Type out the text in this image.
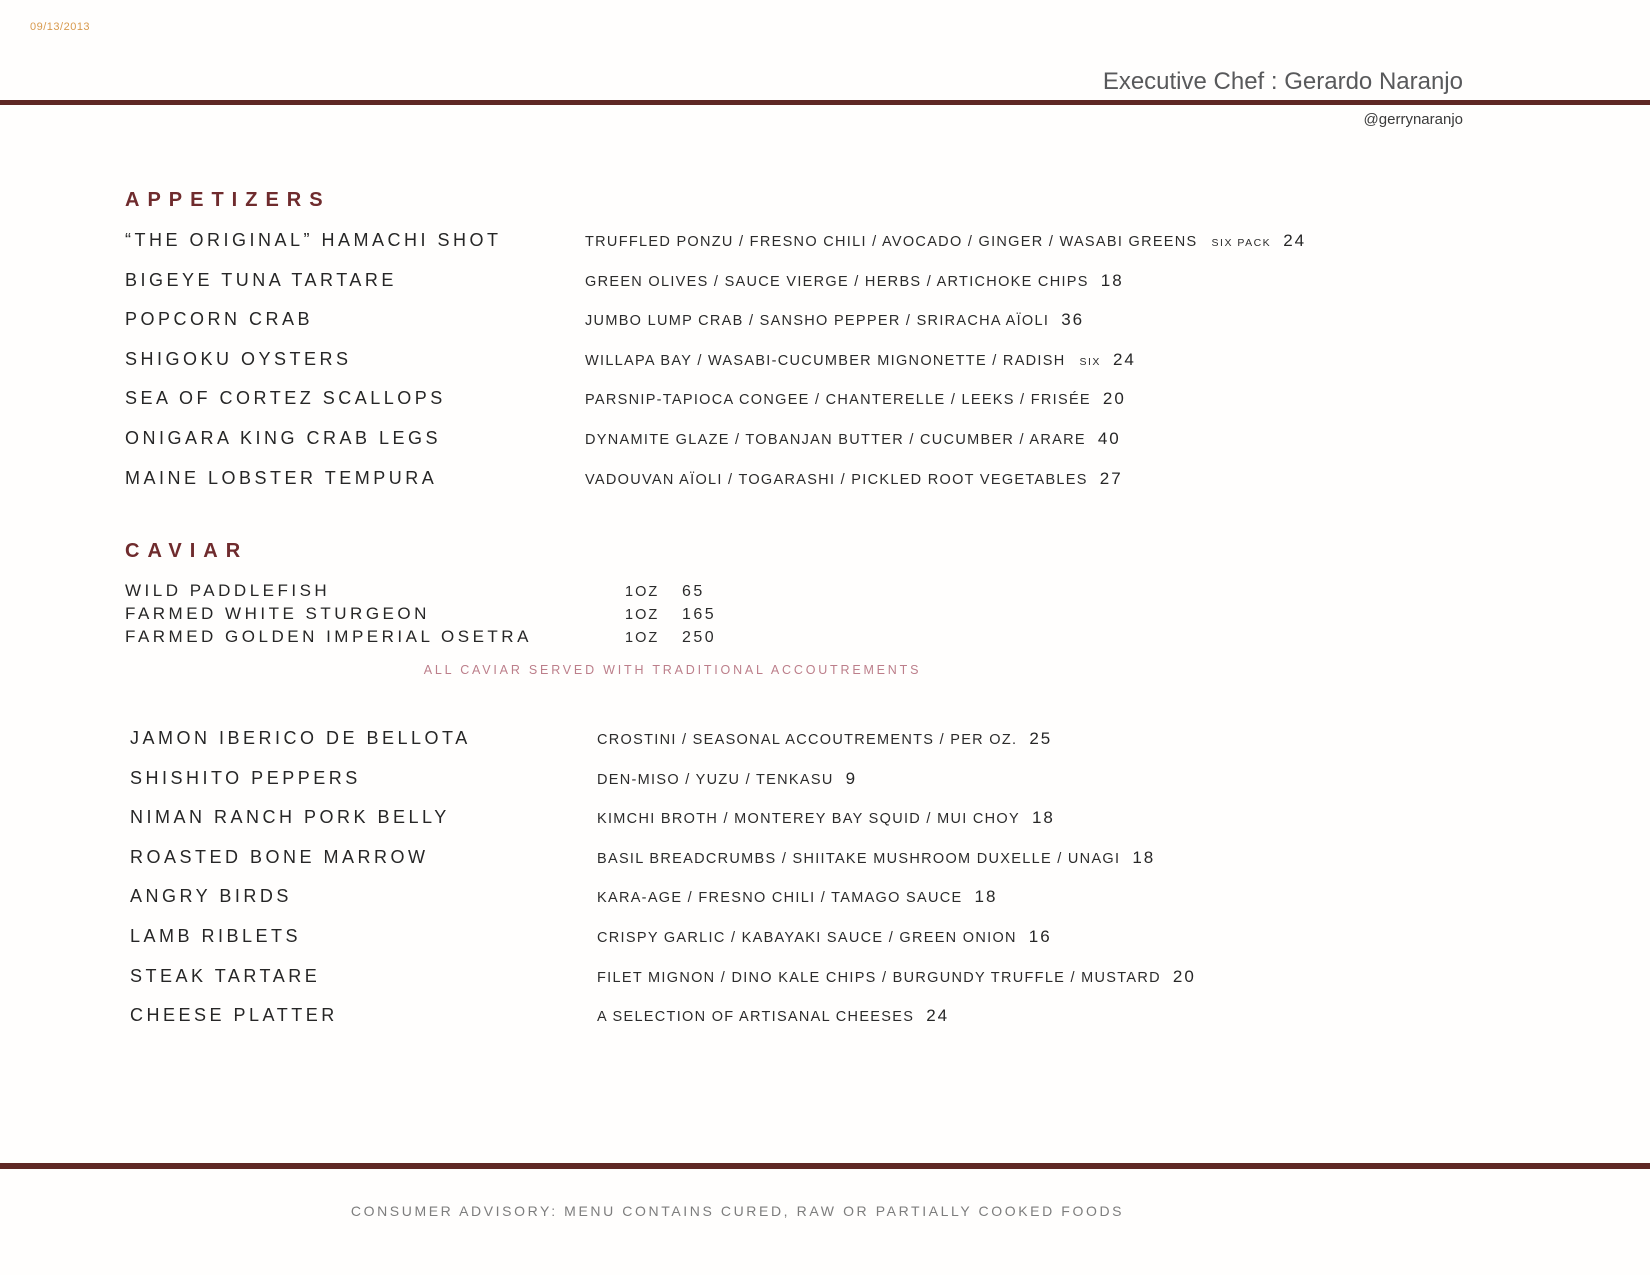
09/13/2013
Executive Chef : Gerardo Naranjo
@gerrynaranjo
APPETIZERS
“THE ORIGINAL” HAMACHI SHOT	TRUFFLED PONZU / FRESNO CHILI / AVOCADO / GINGER / WASABI GREENS SIX PACK 24
BIGEYE TUNA TARTARE	GREEN OLIVES / SAUCE VIERGE / HERBS / ARTICHOKE CHIPS 18
POPCORN CRAB	JUMBO LUMP CRAB / SANSHO PEPPER / SRIRACHA AÏOLI 36
SHIGOKU OYSTERS	WILLAPA BAY / WASABI-CUCUMBER MIGNONETTE / RADISH SIX 24
SEA OF CORTEZ SCALLOPS	PARSNIP-TAPIOCA CONGEE / CHANTERELLE / LEEKS / FRISÉE 20
ONIGARA KING CRAB LEGS	DYNAMITE GLAZE / TOBANJAN BUTTER / CUCUMBER / ARARE 40
MAINE LOBSTER TEMPURA	VADOUVAN AÏOLI / TOGARASHI / PICKLED ROOT VEGETABLES 27
CAVIAR
WILD PADDLEFISH	1OZ	65
FARMED WHITE STURGEON	1OZ	165
FARMED GOLDEN IMPERIAL OSETRA	1OZ	250
ALL CAVIAR SERVED WITH TRADITIONAL ACCOUTREMENTS
JAMON IBERICO DE BELLOTA	CROSTINI / SEASONAL ACCOUTREMENTS / PER OZ. 25
SHISHITO PEPPERS	DEN-MISO / YUZU / TENKASU 9
NIMAN RANCH PORK BELLY	KIMCHI BROTH / MONTEREY BAY SQUID / MUI CHOY 18
ROASTED BONE MARROW	BASIL BREADCRUMBS / SHIITAKE MUSHROOM DUXELLE / UNAGI 18
ANGRY BIRDS	KARA-AGE / FRESNO CHILI / TAMAGO SAUCE 18
LAMB RIBLETS	CRISPY GARLIC / KABAYAKI SAUCE / GREEN ONION 16
STEAK TARTARE	FILET MIGNON / DINO KALE CHIPS / BURGUNDY TRUFFLE / MUSTARD 20
CHEESE PLATTER	A SELECTION OF ARTISANAL CHEESES 24
CONSUMER ADVISORY: MENU CONTAINS CURED, RAW OR PARTIALLY COOKED FOODS
